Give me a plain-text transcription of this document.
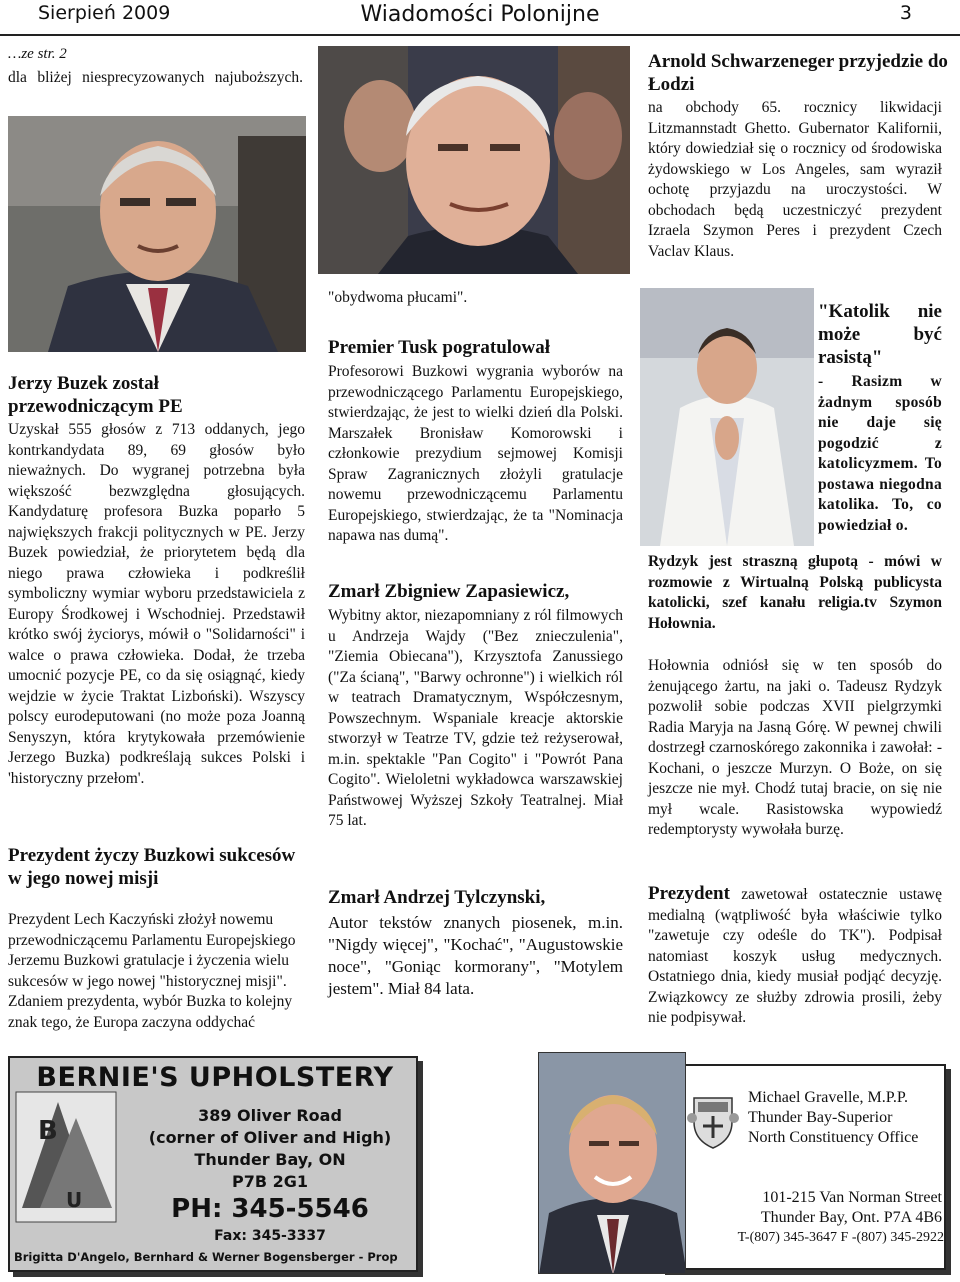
Sierpień 2009	Wiadomości Polonijne	3
…ze str. 2
dla bliżej niesprecyzowanych najuboższych.
Jerzy Buzek został przewodniczącym PE
Uzyskał 555 głosów z 713 oddanych, jego kontrkandydata 89, 69 głosów było nieważnych. Do wygranej potrzebna była większość bezwzględna głosujących. Kandydaturę profesora Buzka poparło 5 największych frakcji politycznych w PE. Jerzy Buzek powiedział, że priorytetem będą dla niego prawa człowieka i podkreślił symboliczny wymiar wyboru przedstawiciela z Europy Środkowej i Wschodniej. Przedstawił krótko swój życiorys, mówił o "Solidarności" i walce o prawa człowieka. Dodał, że trzeba umocnić pozycje PE, co da się osiągnąć, kiedy wejdzie w życie Traktat Lizboński). Wszyscy polscy eurodeputowani (no może poza Joanną Senyszyn, która krytykowała przemówienie Jerzego Buzka) podkreślają sukces Polski i 'historyczny przełom'.
Prezydent życzy Buzkowi sukcesów w jego nowej misji
Prezydent Lech Kaczyński złożył nowemu przewodniczącemu Parlamentu Europejskiego Jerzemu Buzkowi gratulacje i życzenia wielu sukcesów w jego nowej "historycznej misji". Zdaniem prezydenta, wybór Buzka to kolejny znak tego, że Europa zaczyna oddychać
"obydwoma płucami".
Premier Tusk pogratulował
Profesorowi Buzkowi wygrania wyborów na przewodniczącego Parlamentu Europejskiego, stwierdzając, że jest to wielki dzień dla Polski. Marszałek Bronisław Komorowski i członkowie prezydium sejmowej Komisji Spraw Zagranicznych złożyli gratulacje nowemu przewodniczącemu Parlamentu Europejskiego, stwierdzając, że ta "Nominacja napawa nas dumą".
Zmarł Zbigniew Zapasiewicz,
Wybitny aktor, niezapomniany z ról filmowych u Andrzeja Wajdy ("Bez znieczulenia", "Ziemia Obiecana"), Krzysztofa Zanussiego ("Za ścianą", "Barwy ochronne") i wielkich ról w teatrach Dramatycznym, Współczesnym, Powszechnym. Wspaniale kreacje aktorskie stworzył w Teatrze TV, gdzie też reżyserował, m.in. spektakle "Pan Cogito" i "Powrót Pana Cogito". Wieloletni wykładowca warszawskiej Państwowej Wyższej Szkoły Teatralnej. Miał 75 lat.
Zmarł Andrzej Tylczynski,
Autor tekstów znanych piosenek, m.in. "Nigdy więcej", "Kochać", "Augustowskie noce", "Goniąc kormorany", "Motylem jestem". Miał 84 lata.
Arnold Schwarzeneger przyjedzie do Łodzi
na obchody 65. rocznicy likwidacji Litzmannstadt Ghetto. Gubernator Kalifornii, który dowiedział się o rocznicy od środowiska żydowskiego w Los Angeles, sam wyraził ochotę przyjazdu na uroczystości. W obchodach będą uczestniczyć prezydent Izraela Szymon Peres i prezydent Czech Vaclav Klaus.
"Katolik nie może być rasistą"
- Rasizm w żadnym sposób nie daje się pogodzić z katolicyzmem. To postawa niegodna katolika. To, co powiedział o.
Rydzyk jest straszną głupotą - mówi w rozmowie z Wirtualną Polską publicysta katolicki, szef kanału religia.tv Szymon Hołownia.
Hołownia odniósł się w ten sposób do żenującego żartu, na jaki o. Tadeusz Rydzyk pozwolił sobie podczas XVII pielgrzymki Radia Maryja na Jasną Górę. W pewnej chwili dostrzegł czarnoskórego zakonnika i zawołał: - Kochani, o jeszcze Murzyn. O Boże, on się jeszcze nie mył. Chodź tutaj bracie, on się nie mył wcale. Rasistowska wypowiedź redemptorysty wywołała burzę.
Prezydent zawetował ostatecznie ustawę medialną (wątpliwość była właściwie tylko "zawetuje czy odeśle do TK"). Podpisał natomiast koszyk usług medycznych. Ostatniego dnia, kiedy musiał podjąć decyzję. Związkowcy ze służby zdrowia prosili, żeby nie podpisywał.
BERNIE'S UPHOLSTERY
B
U
389 Oliver Road
(corner of Oliver and High)
Thunder Bay, ON
P7B 2G1
PH: 345-5546
Fax: 345-3337
Brigitta D'Angelo, Bernhard & Werner Bogensberger - Prop
Michael Gravelle, M.P.P.
Thunder Bay-Superior
North Constituency Office
101-215 Van Norman Street
Thunder Bay, Ont. P7A 4B6
T-(807) 345-3647 F -(807) 345-2922
